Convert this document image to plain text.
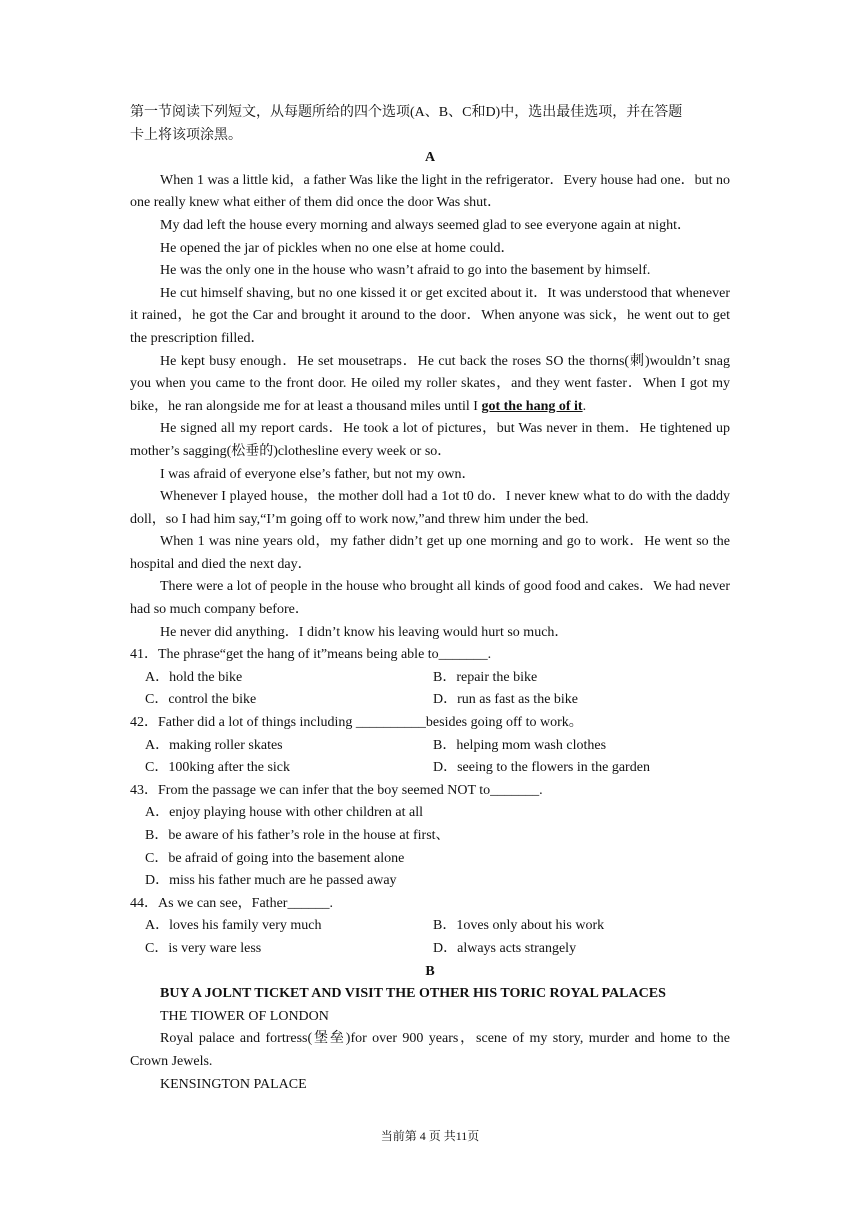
第一节阅读下列短文，从每题所给的四个选项(A、B、C和D)中，选出最佳选项，并在答题

卡上将该项涂黑。

A

When 1 was a little kid，a father Was like the light in the refrigerator．Every house had one．but no one really knew what either of them did once the door Was shut．

My dad left the house every morning and always seemed glad to see everyone again at night．

He opened the jar of pickles when no one else at home could．

He was the only one in the house who wasn’t afraid to go into the basement by himself.

He cut himself shaving, but no one kissed it or get excited about it．It was understood that whenever it rained，he got the Car and brought it around to the door．When anyone was sick，he went out to get the prescription filled．

He kept busy enough．He set mousetraps．He cut back the roses SO the thorns(刺)wouldn’t snag you when you came to the front door. He oiled my roller skates，and they went faster．When I got my bike，he ran alongside me for at least a thousand miles until I got the hang of it.

He signed all my report cards．He took a lot of pictures，but Was never in them．He tightened up mother’s sagging(松垂的)clothesline every week or so．

I was afraid of everyone else’s father, but not my own．

Whenever I played house，the mother doll had a 1ot t0 do．I never knew what to do with the daddy doll，so I had him say,“I’m going off to work now,”and threw him under the bed.

When 1 was nine years old，my father didn’t get up one morning and go to work．He went so the hospital and died the next day．

There were a lot of people in the house who brought all kinds of good food and cakes．We had never had so much company before．

He never did anything．I didn’t know his leaving would hurt so much．

41．The phrase“get the hang of it”means being able to_______.

A．hold the bike	B．repair the bike
C．control the bike	D．run as fast as the bike

42．Father did a lot of things including __________besides going off to work。

A．making roller skates	B．helping mom wash clothes
C．100king after the sick	D．seeing to the flowers in the garden

43．From the passage we can infer that the boy seemed NOT to_______.

A．enjoy playing house with other children at all

B．be aware of his father’s role in the house at first、

C．be afraid of going into the basement alone

D．miss his father much are he passed away

44．As we can see，Father______.

A．loves his family very much	B．1oves only about his work
C．is very ware less	D．always acts strangely

B

BUY A JOLNT TICKET AND VISIT THE OTHER HIS TORIC ROYAL PALACES

THE TIOWER OF LONDON

Royal palace and fortress(堡垒)for over 900 years，scene of my story, murder and home to the Crown Jewels.

KENSINGTON PALACE

当前第 4 页 共11页
